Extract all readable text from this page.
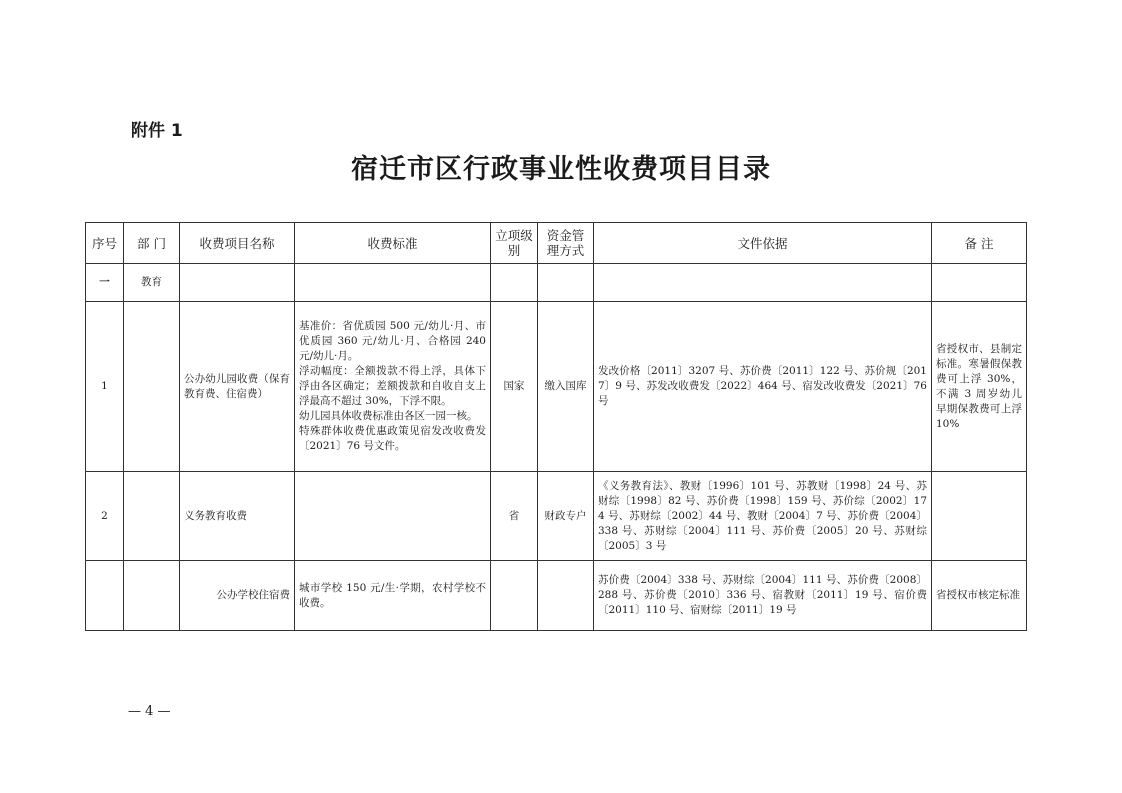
附件 1
宿迁市区行政事业性收费项目目录
序号	部 门	收费项目名称	收费标准	立项级别	资金管理方式	文件依据	备 注
一	教育						
1		公办幼儿园收费（保育教育费、住宿费）	基准价：省优质园 500 元/幼儿·月、市优质园 360 元/幼儿·月、合格园 240 元/幼儿·月。
浮动幅度：全额拨款不得上浮，具体下浮由各区确定；差额拨款和自收自支上浮最高不超过 30%，下浮不限。
幼儿园具体收费标准由各区一园一核。
特殊群体收费优惠政策见宿发改收费发〔2021〕76 号文件。	国家	缴入国库	发改价格〔2011〕3207 号、苏价费〔2011〕122 号、苏价规〔2017〕9 号、苏发改收费发〔2022〕464 号、宿发改收费发〔2021〕76 号	省授权市、县制定标准。寒暑假保教费可上浮 30%，不满 3 周岁幼儿早期保教费可上浮 10%
2		义务教育收费		省	财政专户	《义务教育法》、教财〔1996〕101 号、苏教财〔1998〕24 号、苏财综〔1998〕82 号、苏价费〔1998〕159 号、苏价综〔2002〕174 号、苏财综〔2002〕44 号、教财〔2004〕7 号、苏价费〔2004〕338 号、苏财综〔2004〕111 号、苏价费〔2005〕20 号、苏财综〔2005〕3 号	
		公办学校住宿费	城市学校 150 元/生·学期，农村学校不收费。			苏价费〔2004〕338 号、苏财综〔2004〕111 号、苏价费〔2008〕288 号、苏价费〔2010〕336 号、宿教财〔2011〕19 号、宿价费〔2011〕110 号、宿财综〔2011〕19 号	省授权市核定标准
— 4 —
